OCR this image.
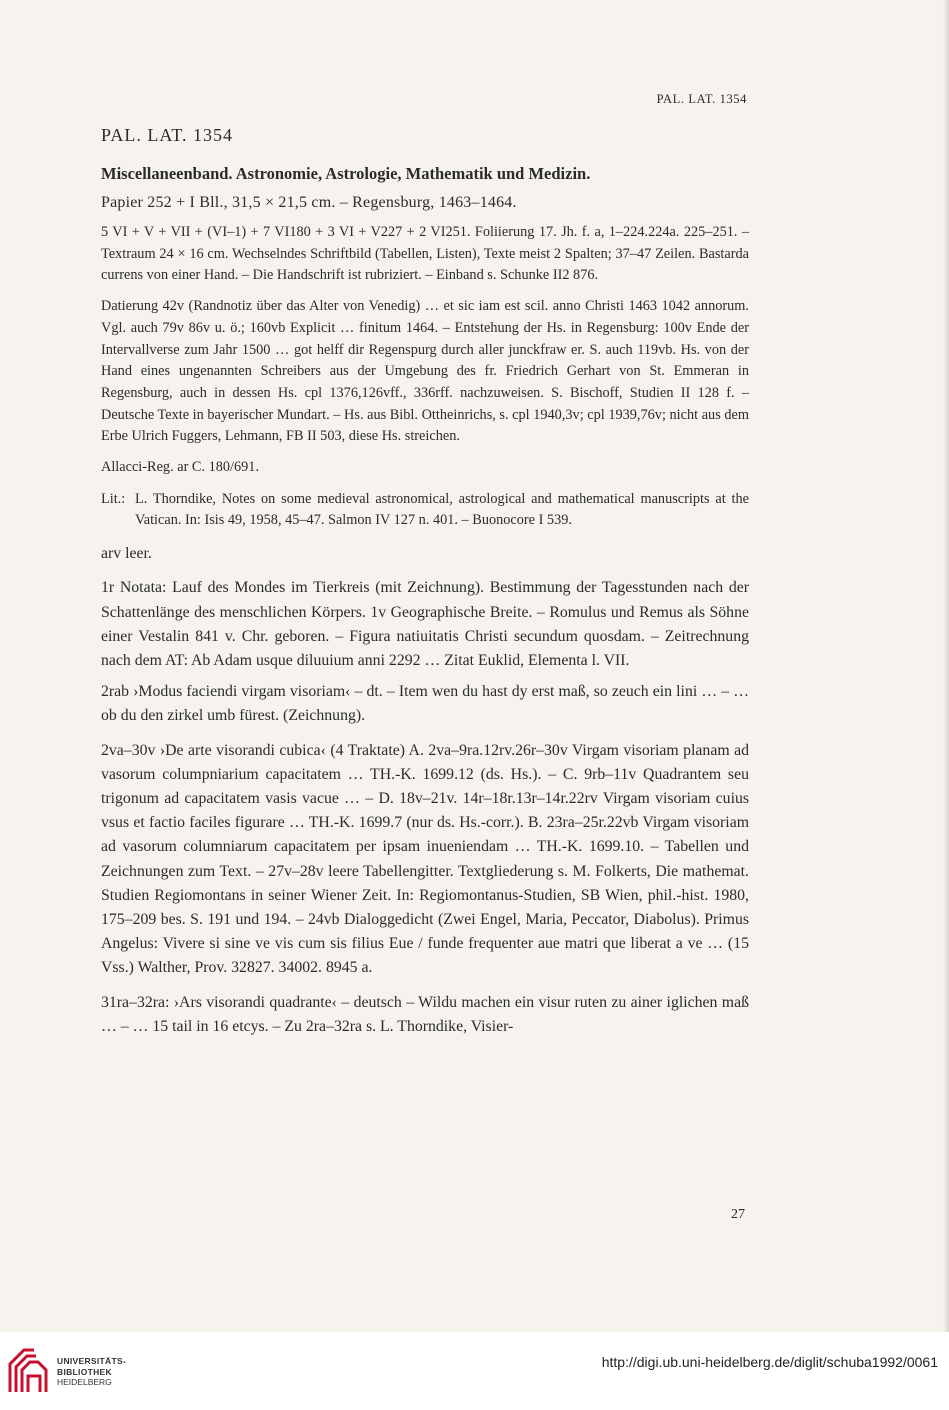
PAL. LAT. 1354

PAL. LAT. 1354

Miscellaneenband. Astronomie, Astrologie, Mathematik und Medizin.

Papier 252 + I Bll., 31,5 × 21,5 cm. – Regensburg, 1463–1464.

5 VI + V + VII + (VI–1) + 7 VI180 + 3 VI + V227 + 2 VI251. Foliierung 17. Jh. f. a, 1–224.224a. 225–251. – Textraum 24 × 16 cm. Wechselndes Schriftbild (Tabellen, Listen), Texte meist 2 Spalten; 37–47 Zeilen. Bastarda currens von einer Hand. – Die Handschrift ist rubriziert. – Einband s. Schunke II2 876.

Datierung 42v (Randnotiz über das Alter von Venedig) … et sic iam est scil. anno Christi 1463 1042 annorum. Vgl. auch 79v 86v u. ö.; 160vb Explicit … finitum 1464. – Entstehung der Hs. in Regensburg: 100v Ende der Intervallverse zum Jahr 1500 … got helff dir Regenspurg durch aller junckfraw er. S. auch 119vb. Hs. von der Hand eines ungenannten Schreibers aus der Umgebung des fr. Friedrich Gerhart von St. Emmeran in Regensburg, auch in dessen Hs. cpl 1376,126vff., 336rff. nachzuweisen. S. Bischoff, Studien II 128 f. – Deutsche Texte in bayerischer Mundart. – Hs. aus Bibl. Ottheinrichs, s. cpl 1940,3v; cpl 1939,76v; nicht aus dem Erbe Ulrich Fuggers, Lehmann, FB II 503, diese Hs. streichen.

Allacci-Reg. ar C. 180/691.

Lit.: L. Thorndike, Notes on some medieval astronomical, astrological and mathematical manuscripts at the Vatican. In: Isis 49, 1958, 45–47. Salmon IV 127 n. 401. – Buonocore I 539.

arv leer.

1r Notata: Lauf des Mondes im Tierkreis (mit Zeichnung). Bestimmung der Tagesstunden nach der Schattenlänge des menschlichen Körpers. 1v Geographische Breite. – Romulus und Remus als Söhne einer Vestalin 841 v. Chr. geboren. – Figura natiuitatis Christi secundum quosdam. – Zeitrechnung nach dem AT: Ab Adam usque diluuium anni 2292 … Zitat Euklid, Elementa l. VII.

2rab ›Modus faciendi virgam visoriam‹ – dt. – Item wen du hast dy erst maß, so zeuch ein lini … – … ob du den zirkel umb fürest. (Zeichnung).

2va–30v ›De arte visorandi cubica‹ (4 Traktate) A. 2va–9ra.12rv.26r–30v Virgam visoriam planam ad vasorum columpniarium capacitatem … TH.-K. 1699.12 (ds. Hs.). – C. 9rb–11v Quadrantem seu trigonum ad capacitatem vasis vacue … – D. 18v–21v. 14r–18r.13r–14r.22rv Virgam visoriam cuius vsus et factio faciles figurare … TH.-K. 1699.7 (nur ds. Hs.-corr.). B. 23ra–25r.22vb Virgam visoriam ad vasorum columniarum capacitatem per ipsam inueniendam … TH.-K. 1699.10. – Tabellen und Zeichnungen zum Text. – 27v–28v leere Tabellengitter. Textgliederung s. M. Folkerts, Die mathemat. Studien Regiomontans in seiner Wiener Zeit. In: Regiomontanus-Studien, SB Wien, phil.-hist. 1980, 175–209 bes. S. 191 und 194. – 24vb Dialoggedicht (Zwei Engel, Maria, Peccator, Diabolus). Primus Angelus: Vivere si sine ve vis cum sis filius Eue / funde frequenter aue matri que liberat a ve … (15 Vss.) Walther, Prov. 32827. 34002. 8945 a.

31ra–32ra: ›Ars visorandi quadrante‹ – deutsch – Wildu machen ein visur ruten zu ainer iglichen maß … – … 15 tail in 16 etcys. – Zu 2ra–32ra s. L. Thorndike, Visier-

27
UNIVERSITÄTS-
BIBLIOTHEK
HEIDELBERG
http://digi.ub.uni-heidelberg.de/diglit/schuba1992/0061
